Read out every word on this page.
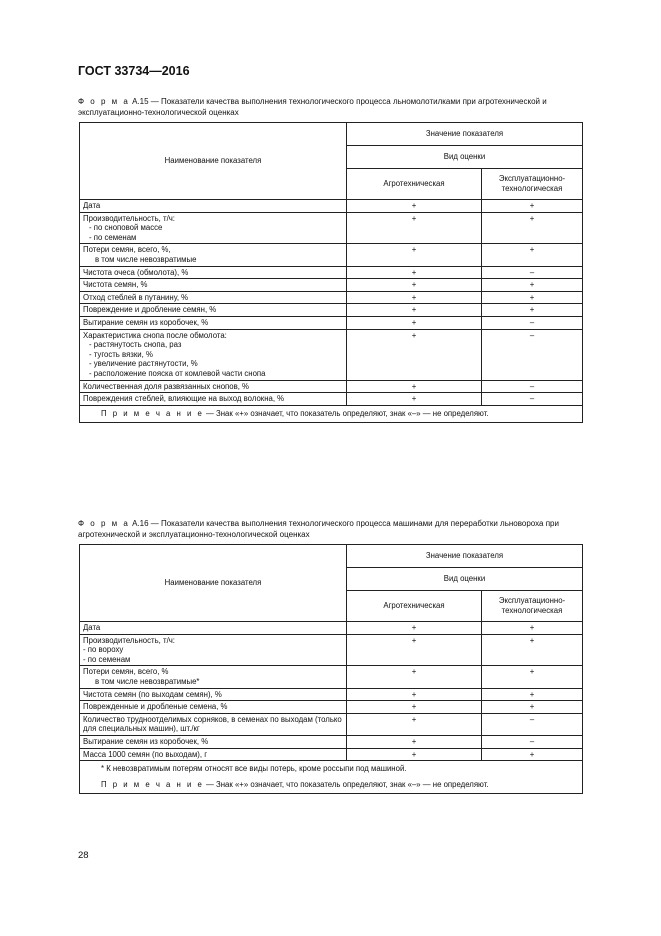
ГОСТ 33734—2016
Ф о р м а А.15 — Показатели качества выполнения технологического процесса льномолотилками при агротехнической и эксплуатационно-технологической оценках
Наименование показателя	Значение показателя	
	Вид оценки	
	Агротехническая	Эксплуатационно-технологическая

Дата	+	+

Производительность, т/ч:
- по сноповой массе
- по семенам	+	+

Потери семян, всего, %,
в том числе невозвратимые	+	+

Чистота очеса (обмолота), %	+	–

Чистота семян, %	+	+

Отход стеблей в путанину, %	+	+

Повреждение и дробление семян, %	+	+

Вытирание семян из коробочек, %	+	–

Характеристика снопа после обмолота:
- растянутость снопа, раз
- тугость вязки, %
- увеличение растянутости, %
- расположение пояска от комлевой части снопа	+	–

Количественная доля развязанных снопов, %	+	–

Повреждения стеблей, влияющие на выход волокна, %	+	–
П р и м е ч а н и е — Знак «+» означает, что показатель определяют, знак «–» — не определяют.		
Ф о р м а А.16 — Показатели качества выполнения технологического процесса машинами для переработки льновороха при агротехнической и эксплуатационно-технологической оценках
Наименование показателя	Значение показателя	
	Вид оценки	
	Агротехническая	Эксплуатационно-технологическая

Дата	+	+

Производительность, т/ч:
- по вороху
- по семенам	+	+

Потери семян, всего, %
в том числе невозвратимые*	+	+

Чистота семян (по выходам семян), %	+	+

Поврежденные и дробленые семена, %	+	+

Количество трудноотделимых сорняков, в семенах по выходам (только для специальных машин), шт./кг	+	–

Вытирание семян из коробочек, %	+	–

Масса 1000 семян (по выходам), г	+	+
* К невозвратимым потерям относят все виды потерь, кроме россыпи под машиной.		
П р и м е ч а н и е — Знак «+» означает, что показатель определяют, знак «–» — не определяют.		
28
